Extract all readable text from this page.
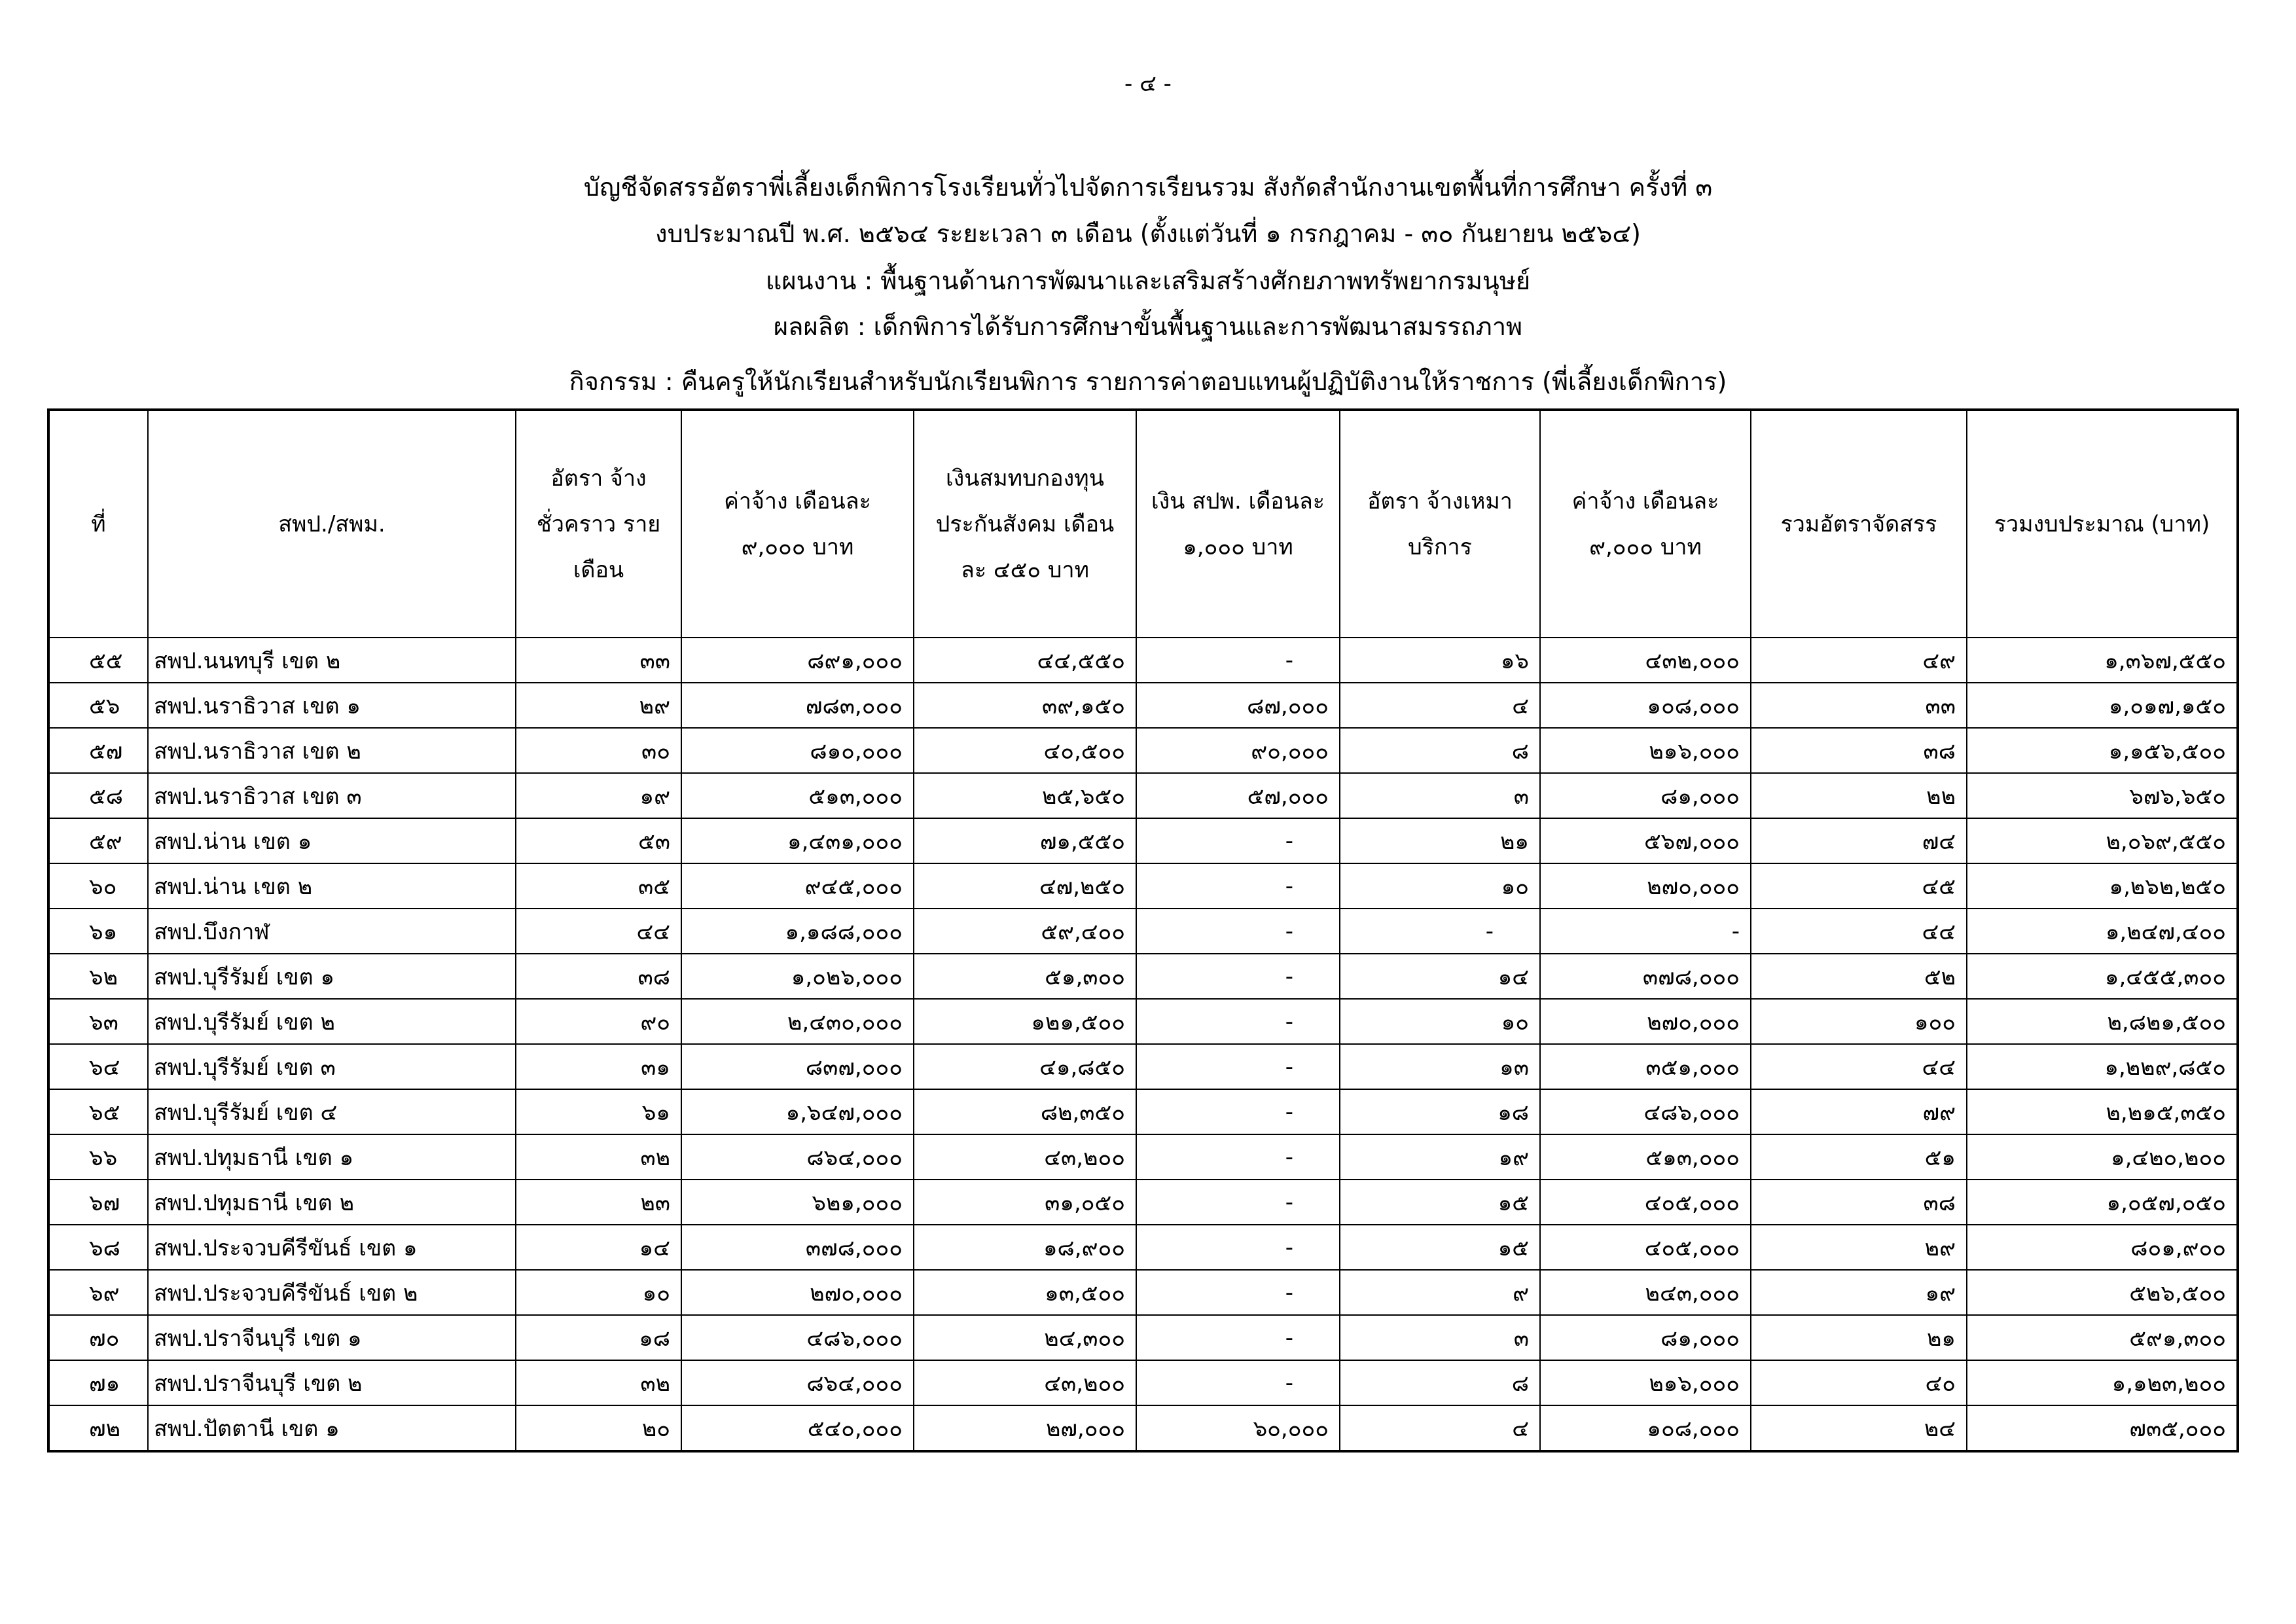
- ๔ -
บัญชีจัดสรรอัตราพี่เลี้ยงเด็กพิการโรงเรียนทั่วไปจัดการเรียนรวม สังกัดสำนักงานเขตพื้นที่การศึกษา ครั้งที่ ๓
งบประมาณปี พ.ศ. ๒๕๖๔ ระยะเวลา ๓ เดือน (ตั้งแต่วันที่ ๑ กรกฎาคม - ๓๐ กันยายน ๒๕๖๔)
แผนงาน : พื้นฐานด้านการพัฒนาและเสริมสร้างศักยภาพทรัพยากรมนุษย์
ผลผลิต : เด็กพิการได้รับการศึกษาขั้นพื้นฐานและการพัฒนาสมรรถภาพ
กิจกรรม : คืนครูให้นักเรียนสำหรับนักเรียนพิการ รายการค่าตอบแทนผู้ปฏิบัติงานให้ราชการ (พี่เลี้ยงเด็กพิการ)
ที่	สพป./สพม.	อัตรา จ้างชั่วคราว รายเดือน	ค่าจ้าง เดือนละ ๙,๐๐๐ บาท	เงินสมทบกองทุน ประกันสังคม เดือนละ ๔๕๐ บาท	เงิน สปพ. เดือนละ ๑,๐๐๐ บาท	อัตรา จ้างเหมาบริการ	ค่าจ้าง เดือนละ ๙,๐๐๐ บาท	รวมอัตราจัดสรร	รวมงบประมาณ (บาท)
๕๕	สพป.นนทบุรี เขต ๒	๓๓	๘๙๑,๐๐๐	๔๔,๕๕๐	-	๑๖	๔๓๒,๐๐๐	๔๙	๑,๓๖๗,๕๕๐
๕๖	สพป.นราธิวาส เขต ๑	๒๙	๗๘๓,๐๐๐	๓๙,๑๕๐	๘๗,๐๐๐	๔	๑๐๘,๐๐๐	๓๓	๑,๐๑๗,๑๕๐
๕๗	สพป.นราธิวาส เขต ๒	๓๐	๘๑๐,๐๐๐	๔๐,๕๐๐	๙๐,๐๐๐	๘	๒๑๖,๐๐๐	๓๘	๑,๑๕๖,๕๐๐
๕๘	สพป.นราธิวาส เขต ๓	๑๙	๕๑๓,๐๐๐	๒๕,๖๕๐	๕๗,๐๐๐	๓	๘๑,๐๐๐	๒๒	๖๗๖,๖๕๐
๕๙	สพป.น่าน เขต ๑	๕๓	๑,๔๓๑,๐๐๐	๗๑,๕๕๐	-	๒๑	๕๖๗,๐๐๐	๗๔	๒,๐๖๙,๕๕๐
๖๐	สพป.น่าน เขต ๒	๓๕	๙๔๕,๐๐๐	๔๗,๒๕๐	-	๑๐	๒๗๐,๐๐๐	๔๕	๑,๒๖๒,๒๕๐
๖๑	สพป.บึงกาฬ	๔๔	๑,๑๘๘,๐๐๐	๕๙,๔๐๐	-	-	-	๔๔	๑,๒๔๗,๔๐๐
๖๒	สพป.บุรีรัมย์ เขต ๑	๓๘	๑,๐๒๖,๐๐๐	๕๑,๓๐๐	-	๑๔	๓๗๘,๐๐๐	๕๒	๑,๔๕๕,๓๐๐
๖๓	สพป.บุรีรัมย์ เขต ๒	๙๐	๒,๔๓๐,๐๐๐	๑๒๑,๕๐๐	-	๑๐	๒๗๐,๐๐๐	๑๐๐	๒,๘๒๑,๕๐๐
๖๔	สพป.บุรีรัมย์ เขต ๓	๓๑	๘๓๗,๐๐๐	๔๑,๘๕๐	-	๑๓	๓๕๑,๐๐๐	๔๔	๑,๒๒๙,๘๕๐
๖๕	สพป.บุรีรัมย์ เขต ๔	๖๑	๑,๖๔๗,๐๐๐	๘๒,๓๕๐	-	๑๘	๔๘๖,๐๐๐	๗๙	๒,๒๑๕,๓๕๐
๖๖	สพป.ปทุมธานี เขต ๑	๓๒	๘๖๔,๐๐๐	๔๓,๒๐๐	-	๑๙	๕๑๓,๐๐๐	๕๑	๑,๔๒๐,๒๐๐
๖๗	สพป.ปทุมธานี เขต ๒	๒๓	๖๒๑,๐๐๐	๓๑,๐๕๐	-	๑๕	๔๐๕,๐๐๐	๓๘	๑,๐๕๗,๐๕๐
๖๘	สพป.ประจวบคีรีขันธ์ เขต ๑	๑๔	๓๗๘,๐๐๐	๑๘,๙๐๐	-	๑๕	๔๐๕,๐๐๐	๒๙	๘๐๑,๙๐๐
๖๙	สพป.ประจวบคีรีขันธ์ เขต ๒	๑๐	๒๗๐,๐๐๐	๑๓,๕๐๐	-	๙	๒๔๓,๐๐๐	๑๙	๕๒๖,๕๐๐
๗๐	สพป.ปราจีนบุรี เขต ๑	๑๘	๔๘๖,๐๐๐	๒๔,๓๐๐	-	๓	๘๑,๐๐๐	๒๑	๕๙๑,๓๐๐
๗๑	สพป.ปราจีนบุรี เขต ๒	๓๒	๘๖๔,๐๐๐	๔๓,๒๐๐	-	๘	๒๑๖,๐๐๐	๔๐	๑,๑๒๓,๒๐๐
๗๒	สพป.ปัตตานี เขต ๑	๒๐	๕๔๐,๐๐๐	๒๗,๐๐๐	๖๐,๐๐๐	๔	๑๐๘,๐๐๐	๒๔	๗๓๕,๐๐๐
